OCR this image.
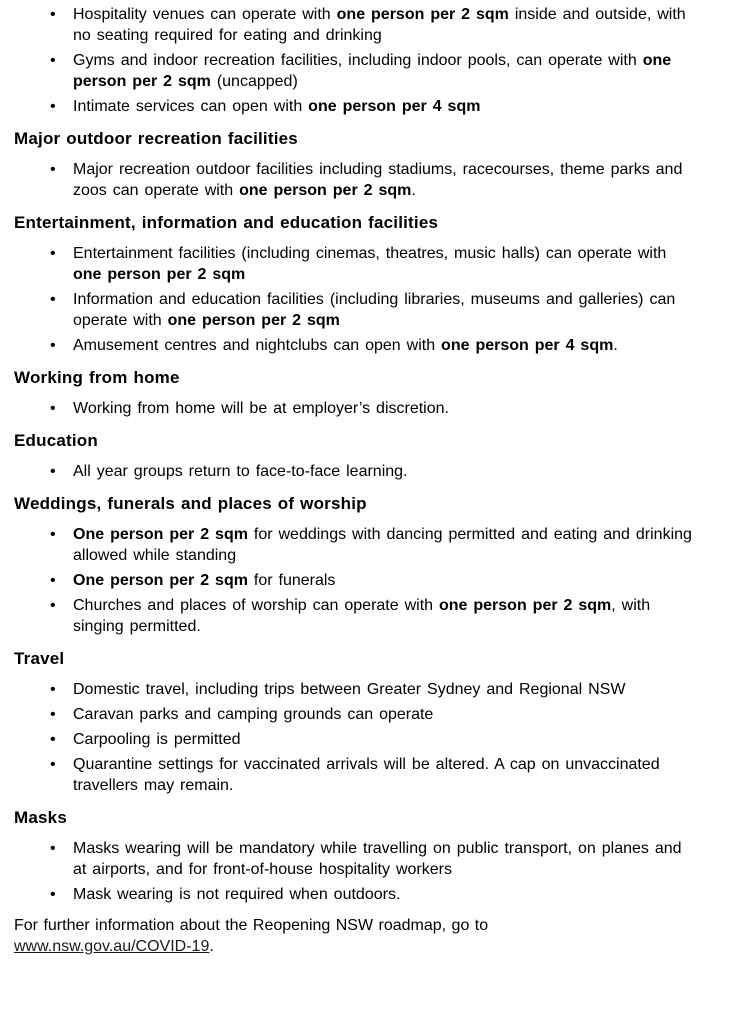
•	Hospitality venues can operate with one person per 2 sqm inside and outside, with no seating required for eating and drinking
•	Gyms and indoor recreation facilities, including indoor pools, can operate with one person per 2 sqm (uncapped)
•	Intimate services can open with one person per 4 sqm
Major outdoor recreation facilities
•	Major recreation outdoor facilities including stadiums, racecourses, theme parks and zoos can operate with one person per 2 sqm.
Entertainment, information and education facilities
•	Entertainment facilities (including cinemas, theatres, music halls) can operate with one person per 2 sqm
•	Information and education facilities (including libraries, museums and galleries) can operate with one person per 2 sqm
•	Amusement centres and nightclubs can open with one person per 4 sqm.
Working from home
•	Working from home will be at employer’s discretion.
Education
•	All year groups return to face-to-face learning.
Weddings, funerals and places of worship
•	One person per 2 sqm for weddings with dancing permitted and eating and drinking allowed while standing
•	One person per 2 sqm for funerals
•	Churches and places of worship can operate with one person per 2 sqm, with singing permitted.
Travel
•	Domestic travel, including trips between Greater Sydney and Regional NSW
•	Caravan parks and camping grounds can operate
•	Carpooling is permitted
•	Quarantine settings for vaccinated arrivals will be altered. A cap on unvaccinated travellers may remain.
Masks
•	Masks wearing will be mandatory while travelling on public transport, on planes and at airports, and for front-of-house hospitality workers
•	Mask wearing is not required when outdoors.
For further information about the Reopening NSW roadmap, go to www.nsw.gov.au/COVID-19.
